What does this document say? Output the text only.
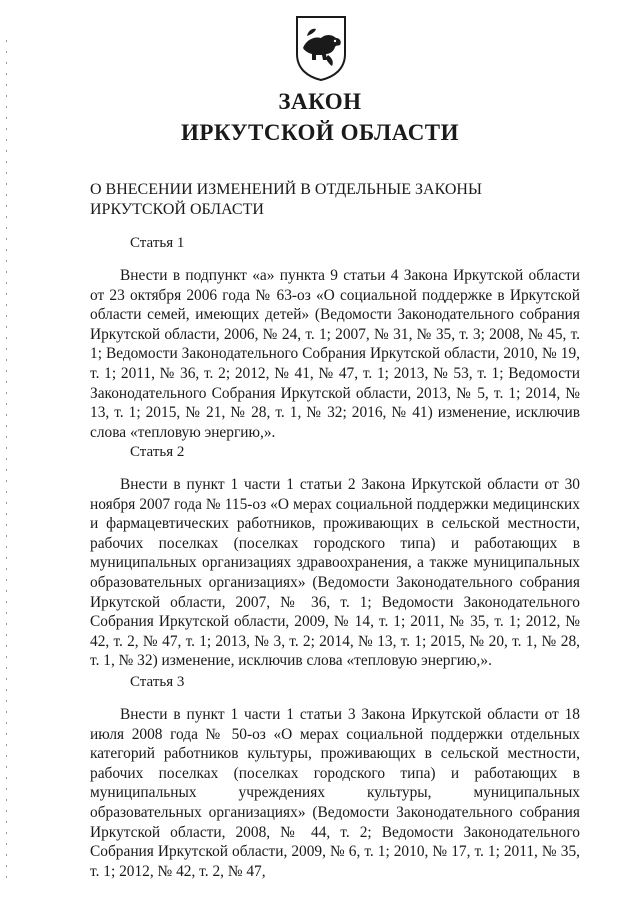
ЗАКОН
ИРКУТСКОЙ ОБЛАСТИ
О ВНЕСЕНИИ ИЗМЕНЕНИЙ В ОТДЕЛЬНЫЕ ЗАКОНЫ ИРКУТСКОЙ ОБЛАСТИ
Статья 1
Внести в подпункт «а» пункта 9 статьи 4 Закона Иркутской области от 23 октября 2006 года № 63-оз «О социальной поддержке в Иркутской области семей, имеющих детей» (Ведомости Законодательного собрания Иркутской области, 2006, № 24, т. 1; 2007, № 31, № 35, т. 3; 2008, № 45, т. 1; Ведомости Законодательного Собрания Иркутской области, 2010, № 19, т. 1; 2011, № 36, т. 2; 2012, № 41, № 47, т. 1; 2013, № 53, т. 1; Ведомости Законодательного Собрания Иркутской области, 2013, № 5, т. 1; 2014, № 13, т. 1; 2015, № 21, № 28, т. 1, № 32; 2016, № 41) изменение, исключив слова «тепловую энергию,».
Статья 2
Внести в пункт 1 части 1 статьи 2 Закона Иркутской области от 30 ноября 2007 года № 115-оз «О мерах социальной поддержки медицинских и фармацевтических работников, проживающих в сельской местности, рабочих поселках (поселках городского типа) и работающих в муниципальных организациях здравоохранения, а также муниципальных образовательных организациях» (Ведомости Законодательного собрания Иркутской области, 2007, № 36, т. 1; Ведомости Законодательного Собрания Иркутской области, 2009, № 14, т. 1; 2011, № 35, т. 1; 2012, № 42, т. 2, № 47, т. 1; 2013, № 3, т. 2; 2014, № 13, т. 1; 2015, № 20, т. 1, № 28, т. 1, № 32) изменение, исключив слова «тепловую энергию,».
Статья 3
Внести в пункт 1 части 1 статьи 3 Закона Иркутской области от 18 июля 2008 года № 50-оз «О мерах социальной поддержки отдельных категорий работников культуры, проживающих в сельской местности, рабочих поселках (поселках городского типа) и работающих в муниципальных учреждениях культуры, муниципальных образовательных организациях» (Ведомости Законодательного собрания Иркутской области, 2008, № 44, т. 2; Ведомости Законодательного Собрания Иркутской области, 2009, № 6, т. 1; 2010, № 17, т. 1; 2011, № 35, т. 1; 2012, № 42, т. 2, № 47,
